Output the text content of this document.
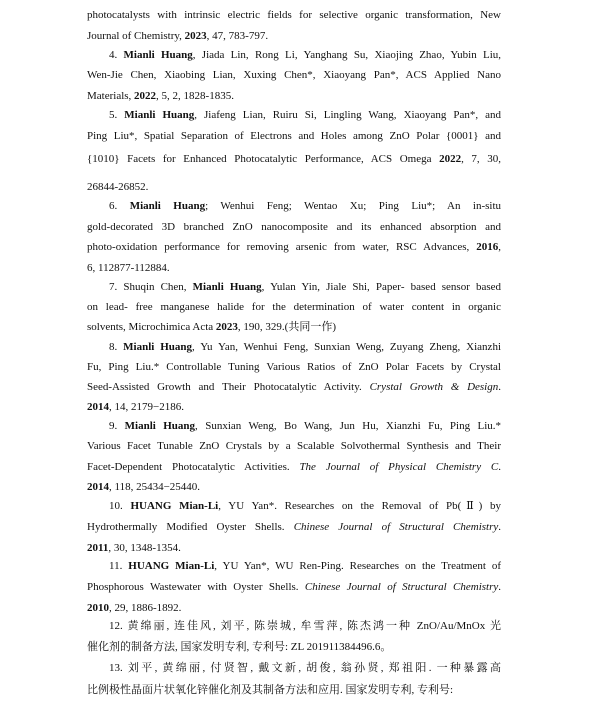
photocatalysts with intrinsic electric fields for selective organic transformation, New
Journal of Chemistry, 2023, 47, 783-797.
4. Mianli Huang, Jiada Lin, Rong Li, Yanghang Su, Xiaojing Zhao, Yubin Liu,
Wen-Jie Chen, Xiaobing Lian, Xuxing Chen*, Xiaoyang Pan*, ACS Applied Nano
Materials, 2022, 5, 2, 1828-1835.
5. Mianli Huang, Jiafeng Lian, Ruiru Si, Lingling Wang, Xiaoyang Pan*, and
Ping Liu*, Spatial Separation of Electrons and Holes among ZnO Polar {0001} and
{1010} Facets for Enhanced Photocatalytic Performance, ACS Omega 2022, 7, 30,
26844-26852.
6. Mianli Huang; Wenhui Feng; Wentao Xu; Ping Liu*; An in-situ
gold-decorated 3D branched ZnO nanocomposite and its enhanced absorption and
photo-oxidation performance for removing arsenic from water, RSC Advances, 2016,
6, 112877-112884.
7. Shuqin Chen, Mianli Huang, Yulan Yin, Jiale Shi, Paper‐ based sensor based
on lead‐ free manganese halide for the determination of water content in organic
solvents, Microchimica Acta 2023, 190, 329.(共同一作)
8. Mianli Huang, Yu Yan, Wenhui Feng, Sunxian Weng, Zuyang Zheng, Xianzhi
Fu, Ping Liu.* Controllable Tuning Various Ratios of ZnO Polar Facets by Crystal
Seed-Assisted Growth and Their Photocatalytic Activity. Crystal Growth & Design.
2014, 14, 2179−2186.
9. Mianli Huang, Sunxian Weng, Bo Wang, Jun Hu, Xianzhi Fu, Ping Liu.*
Various Facet Tunable ZnO Crystals by a Scalable Solvothermal Synthesis and Their
Facet-Dependent Photocatalytic Activities. The Journal of Physical Chemistry C.
2014, 118, 25434−25440.
10. HUANG Mian-Li, YU Yan*. Researches on the Removal of Pb(Ⅱ) by
Hydrothermally Modified Oyster Shells. Chinese Journal of Structural Chemistry.
2011, 30, 1348-1354.
11. HUANG Mian-Li, YU Yan*, WU Ren-Ping. Researches on the Treatment of
Phosphorous Wastewater with Oyster Shells. Chinese Journal of Structural Chemistry.
2010, 29, 1886-1892.
12. 黄绵丽, 连佳风, 刘平, 陈崇城, 牟雪萍, 陈杰鸿一种 ZnO/Au/MnOx 光
催化剂的制备方法, 国家发明专利, 专利号: ZL 201911384496.6。
13. 刘平, 黄绵丽, 付贤智, 戴文新, 胡俊, 翁孙贤, 郑祖阳. 一种暴露高
比例极性晶面片状氧化锌催化剂及其制备方法和应用. 国家发明专利, 专利号:
